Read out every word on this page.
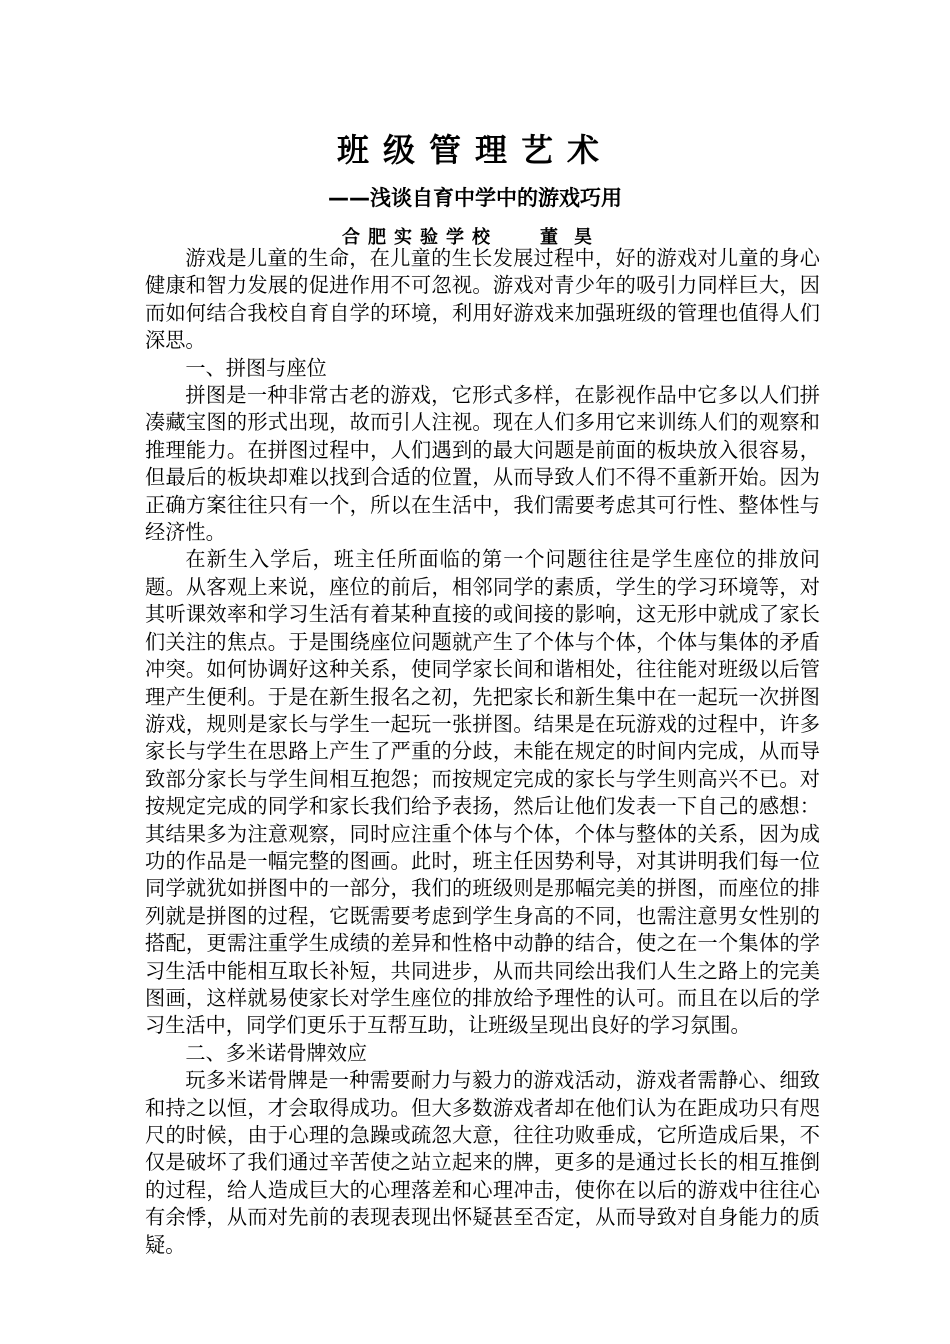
班级管理艺术
——浅谈自育中学中的游戏巧用
合肥实验学校 董昊

游戏是儿童的生命，在儿童的生长发展过程中，好的游戏对儿童的身心健康和智力发展的促进作用不可忽视。游戏对青少年的吸引力同样巨大，因而如何结合我校自育自学的环境，利用好游戏来加强班级的管理也值得人们深思。

一、拼图与座位

拼图是一种非常古老的游戏，它形式多样，在影视作品中它多以人们拼凑藏宝图的形式出现，故而引人注视。现在人们多用它来训练人们的观察和推理能力。在拼图过程中，人们遇到的最大问题是前面的板块放入很容易，但最后的板块却难以找到合适的位置，从而导致人们不得不重新开始。因为正确方案往往只有一个，所以在生活中，我们需要考虑其可行性、整体性与经济性。

在新生入学后，班主任所面临的第一个问题往往是学生座位的排放问题。从客观上来说，座位的前后，相邻同学的素质，学生的学习环境等，对其听课效率和学习生活有着某种直接的或间接的影响，这无形中就成了家长们关注的焦点。于是围绕座位问题就产生了个体与个体，个体与集体的矛盾冲突。如何协调好这种关系，使同学家长间和谐相处，往往能对班级以后管理产生便利。于是在新生报名之初，先把家长和新生集中在一起玩一次拼图游戏，规则是家长与学生一起玩一张拼图。结果是在玩游戏的过程中，许多家长与学生在思路上产生了严重的分歧，未能在规定的时间内完成，从而导致部分家长与学生间相互抱怨；而按规定完成的家长与学生则高兴不已。对按规定完成的同学和家长我们给予表扬，然后让他们发表一下自己的感想：其结果多为注意观察，同时应注重个体与个体，个体与整体的关系，因为成功的作品是一幅完整的图画。此时，班主任因势利导，对其讲明我们每一位同学就犹如拼图中的一部分，我们的班级则是那幅完美的拼图，而座位的排列就是拼图的过程，它既需要考虑到学生身高的不同，也需注意男女性别的搭配，更需注重学生成绩的差异和性格中动静的结合，使之在一个集体的学习生活中能相互取长补短，共同进步，从而共同绘出我们人生之路上的完美图画，这样就易使家长对学生座位的排放给予理性的认可。而且在以后的学习生活中，同学们更乐于互帮互助，让班级呈现出良好的学习氛围。

二、多米诺骨牌效应

玩多米诺骨牌是一种需要耐力与毅力的游戏活动，游戏者需静心、细致和持之以恒，才会取得成功。但大多数游戏者却在他们认为在距成功只有咫尺的时候，由于心理的急躁或疏忽大意，往往功败垂成，它所造成后果，不仅是破坏了我们通过辛苦使之站立起来的牌，更多的是通过长长的相互推倒的过程，给人造成巨大的心理落差和心理冲击，使你在以后的游戏中往往心有余悸，从而对先前的表现表现出怀疑甚至否定，从而导致对自身能力的质疑。
